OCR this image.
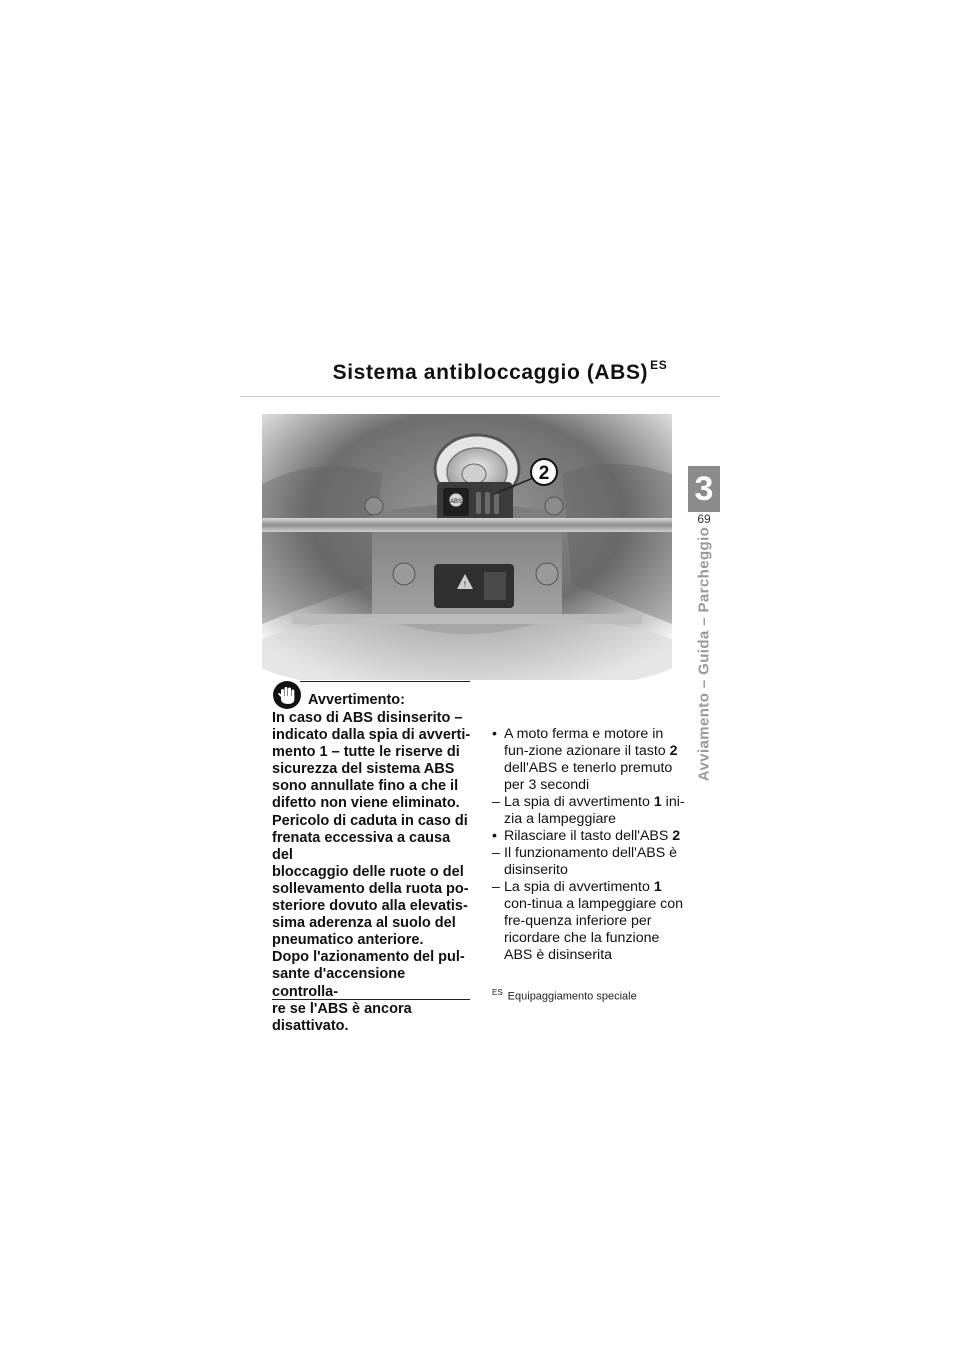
Sistema antibloccaggio (ABS) $^{ES}$
ABS
!
2	3
69
Avviamento – Guida – Parcheggio
Avvertimento:
In caso di ABS disinserito –
indicato dalla spia di avverti-
mento 1 – tutte le riserve di
sicurezza del sistema ABS
sono annullate fino a che il
difetto non viene eliminato.
Pericolo di caduta in caso di
frenata eccessiva a causa del
bloccaggio delle ruote o del
sollevamento della ruota po-
steriore dovuto alla elevatis-
sima aderenza al suolo del
pneumatico anteriore.
Dopo l'azionamento del pul-
sante d'accensione controlla-
re se l'ABS è ancora
disattivato.
• A moto ferma e motore in fun-zione azionare il tasto 2 dell'ABS e tenerlo premuto per 3 secondi
– La spia di avvertimento 1 ini-zia a lampeggiare
• Rilasciare il tasto dell'ABS 2
– Il funzionamento dell'ABS è disinserito
– La spia di avvertimento 1 con-tinua a lampeggiare con fre-quenza inferiore per ricordare che la funzione ABS è disinserita
$^{ES}$ Equipaggiamento speciale
